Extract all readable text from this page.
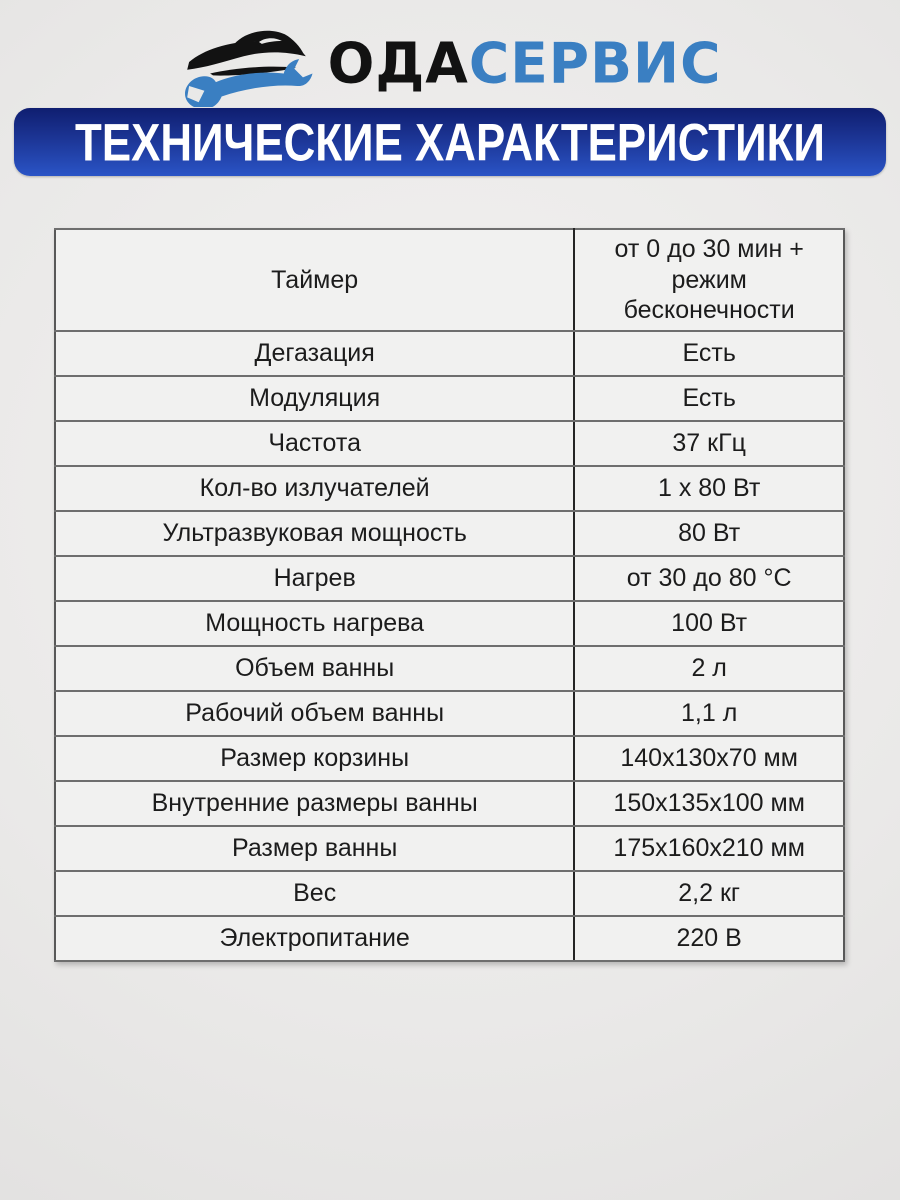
ОДАСЕРВИС
ТЕХНИЧЕСКИЕ ХАРАКТЕРИСТИКИ
Таймер	от 0 до 30 мин + режим бесконечности
Дегазация	Есть
Модуляция	Есть
Частота	37 кГц
Кол-во излучателей	1 x 80 Вт
Ультразвуковая мощность	80 Вт
Нагрев	от 30 до 80 °С
Мощность нагрева	100 Вт
Объем ванны	2 л
Рабочий объем ванны	1,1 л
Размер корзины	140x130x70 мм
Внутренние размеры ванны	150x135x100 мм
Размер ванны	175x160x210 мм
Вес	2,2 кг
Электропитание	220 В
